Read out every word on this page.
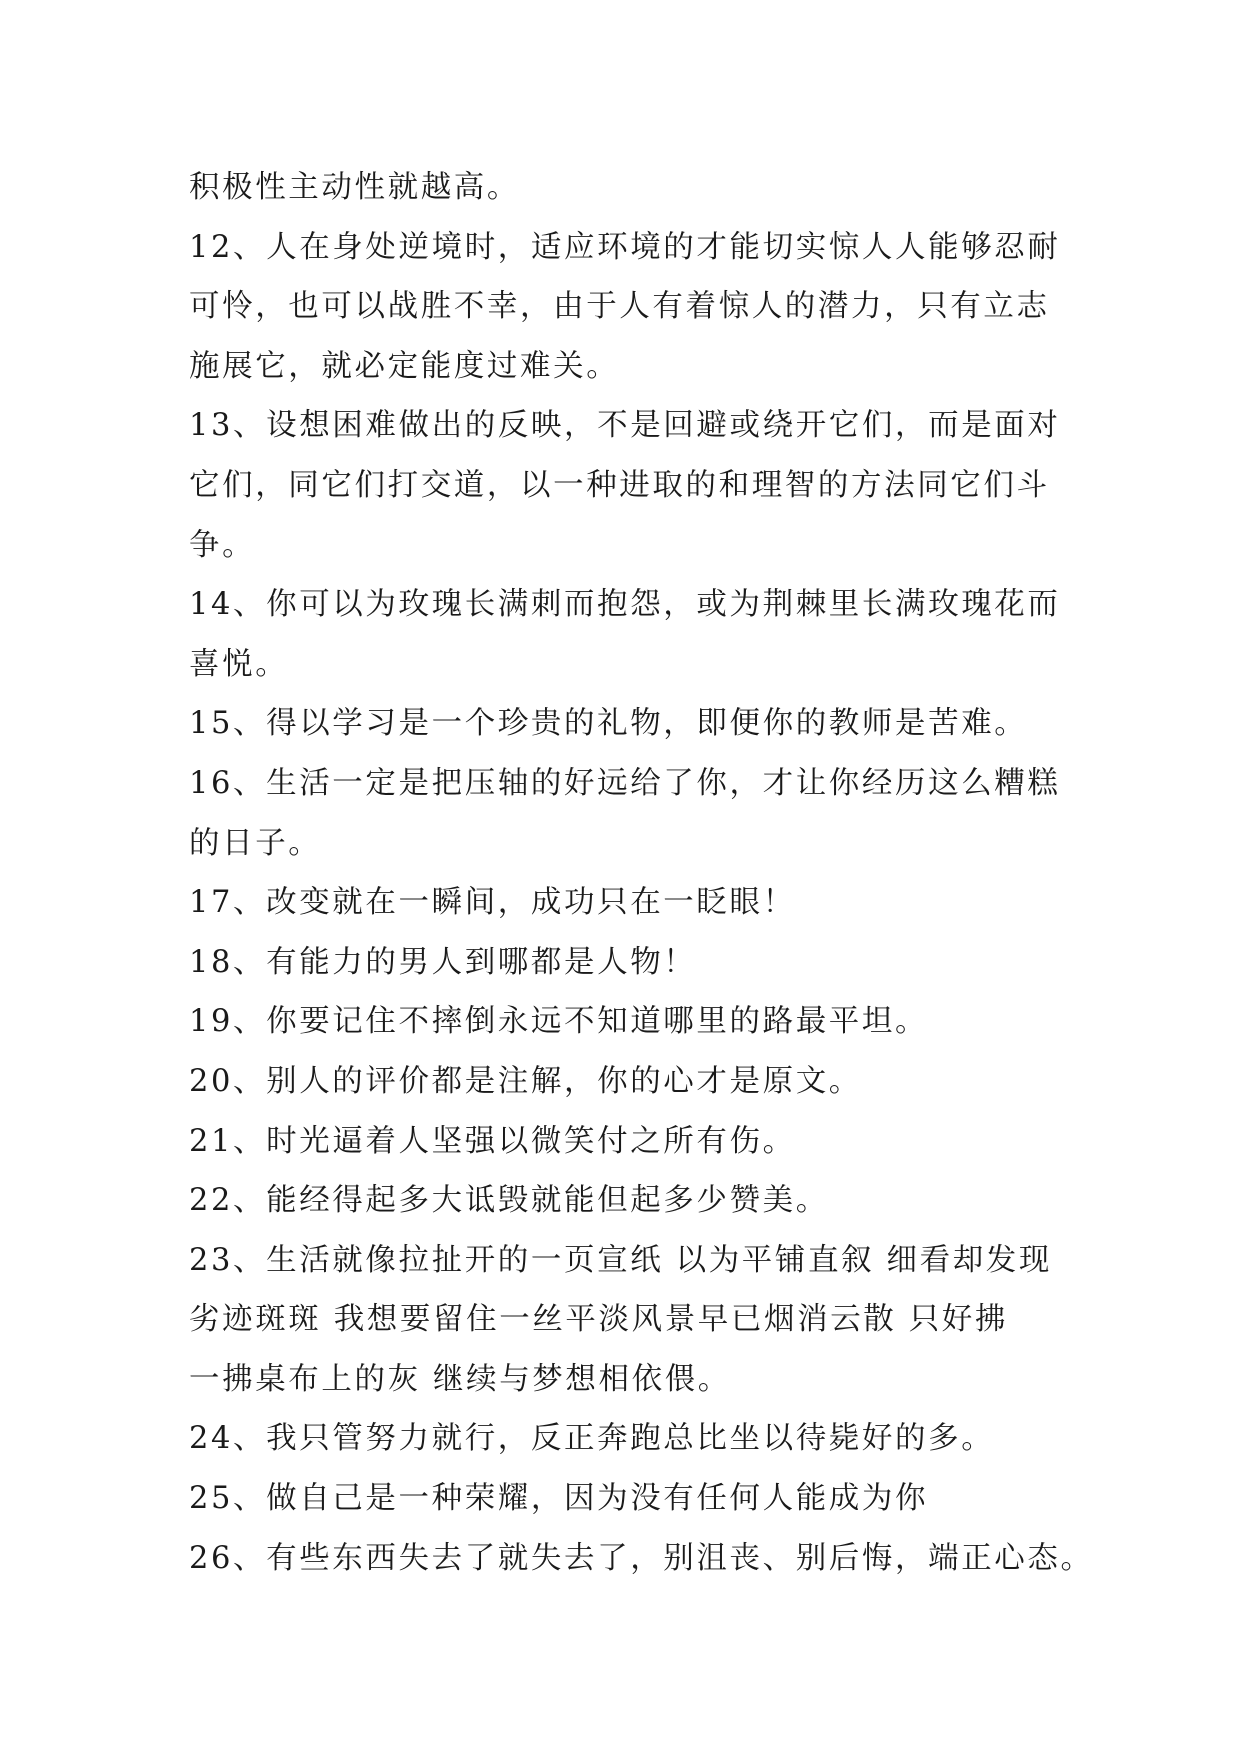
积极性主动性就越高。
12、人在身处逆境时，适应环境的才能切实惊人人能够忍耐
可怜，也可以战胜不幸，由于人有着惊人的潜力，只有立志
施展它，就必定能度过难关。
13、设想困难做出的反映，不是回避或绕开它们，而是面对
它们，同它们打交道，以一种进取的和理智的方法同它们斗
争。
14、你可以为玫瑰长满刺而抱怨，或为荆棘里长满玫瑰花而
喜悦。
15、得以学习是一个珍贵的礼物，即便你的教师是苦难。
16、生活一定是把压轴的好远给了你，才让你经历这么糟糕
的日子。
17、改变就在一瞬间，成功只在一眨眼！
18、有能力的男人到哪都是人物！
19、你要记住不摔倒永远不知道哪里的路最平坦。
20、别人的评价都是注解，你的心才是原文。
21、时光逼着人坚强以微笑付之所有伤。
22、能经得起多大诋毁就能但起多少赞美。
23、生活就像拉扯开的一页宣纸 以为平铺直叙 细看却发现
劣迹斑斑 我想要留住一丝平淡风景早已烟消云散 只好拂
一拂桌布上的灰 继续与梦想相依偎。
24、我只管努力就行，反正奔跑总比坐以待毙好的多。
25、做自己是一种荣耀，因为没有任何人能成为你
26、有些东西失去了就失去了，别沮丧、别后悔，端正心态。
